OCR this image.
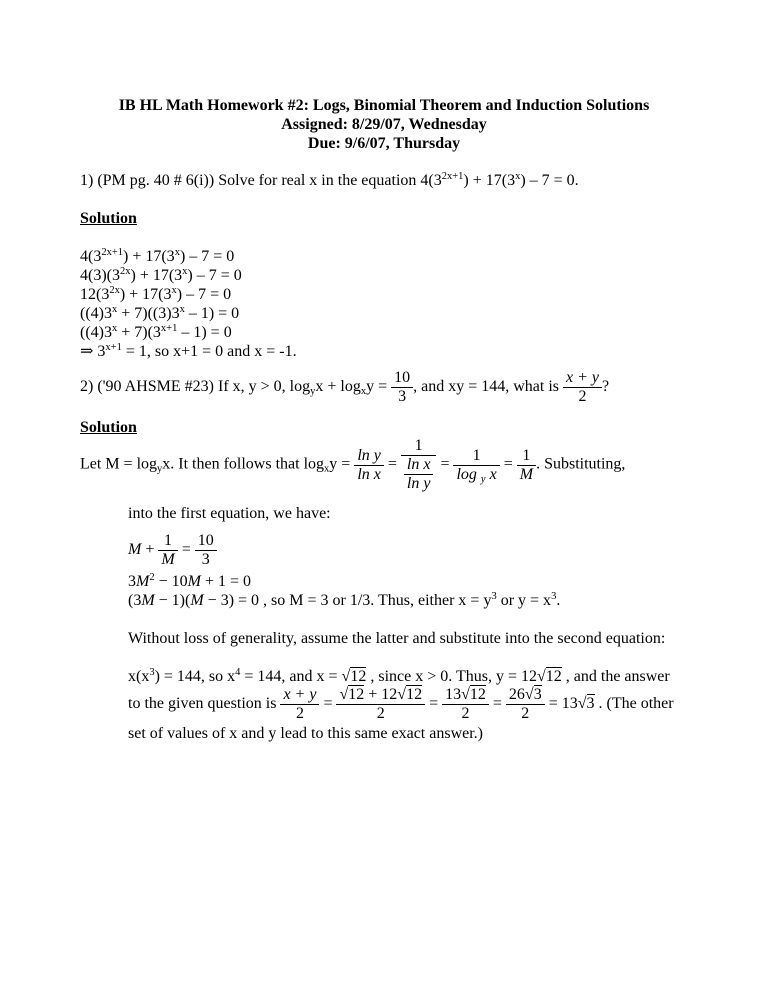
IB HL Math Homework #2: Logs, Binomial Theorem and Induction Solutions
Assigned: 8/29/07, Wednesday
Due: 9/6/07, Thursday
1) (PM pg. 40 # 6(i)) Solve for real x in the equation $4(3^{2x+1}) + 17(3^x) - 7 = 0$.
Solution
$4(3^{2x+1}) + 17(3^x) - 7 = 0$
$4(3)(3^{2x}) + 17(3^x) - 7 = 0$
$12(3^{2x}) + 17(3^x) - 7 = 0$
$((4)3^x + 7)((3)3^x - 1) = 0$
$((4)3^x + 7)(3^{x+1} - 1) = 0$
⇒ $3^{x+1} = 1$, so x+1 = 0 and x = -1.
2) ('90 AHSME #23) If x, y > 0, $\log_yx + \log_xy = \frac{10}{3}$ , and xy = 144, what is $\frac{x + y}{2}$ ?
Solution
Let $M = \log_yx$. It then follows that $\log_xy = \frac{\text{ln y}}{\text{ln x}} = \frac{1}{\frac{\text{ln x}}{\text{ln y}}} = \frac{1}{\log _y x} = \frac{1}{M}$ . Substituting,
into the first equation, we have:
$M + \frac{1}{M} = \frac{10}{3}$
$3M^2 - 10M + 1 = 0$
(3M − 1)(M − 3) = 0 , so M = 3 or 1/3. Thus, either $x = y^3$ or $y = x^3$.
Without loss of generality, assume the latter and substitute into the second equation:
$x(x^3) = 144$, so $x^4 = 144$, and x = √12 , since x > 0. Thus, y = 12√12 , and the answer
to the given question is $\frac{x + y}{2} = \frac{√12 + 12√12}{2} = \frac{13√12}{2} = \frac{26√3}{2} = 13√3$ . (The other
set of values of x and y lead to this same exact answer.)
